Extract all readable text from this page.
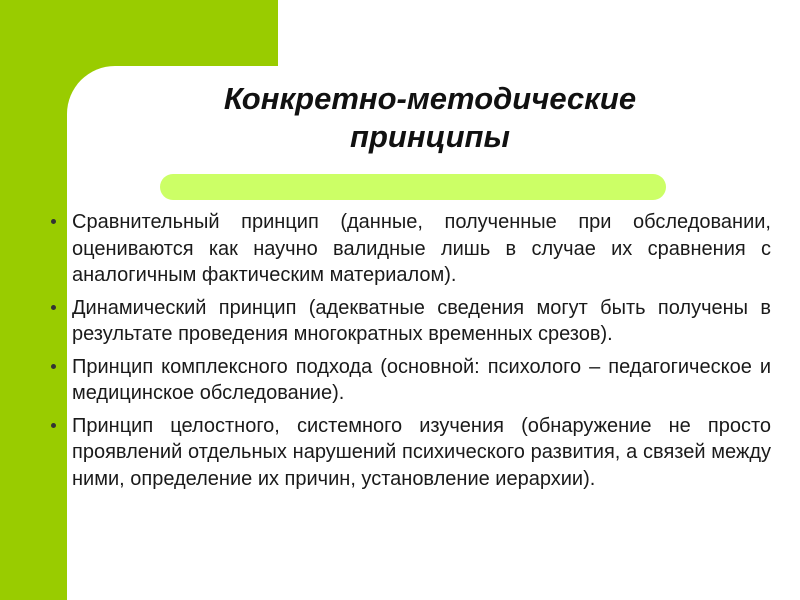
Конкретно-методические
принципы
Сравнительный принцип (данные, полученные при обследовании, оцениваются как научно валидные лишь в случае их сравнения с аналогичным фактическим материалом).
Динамический принцип (адекватные сведения могут быть получены в результате проведения многократных временных срезов).
Принцип комплексного подхода (основной: психолого – педагогическое и медицинское обследование).
Принцип целостного, системного изучения (обнаружение не просто проявлений отдельных нарушений психического развития, а связей между ними, определение их причин, установление иерархии).
